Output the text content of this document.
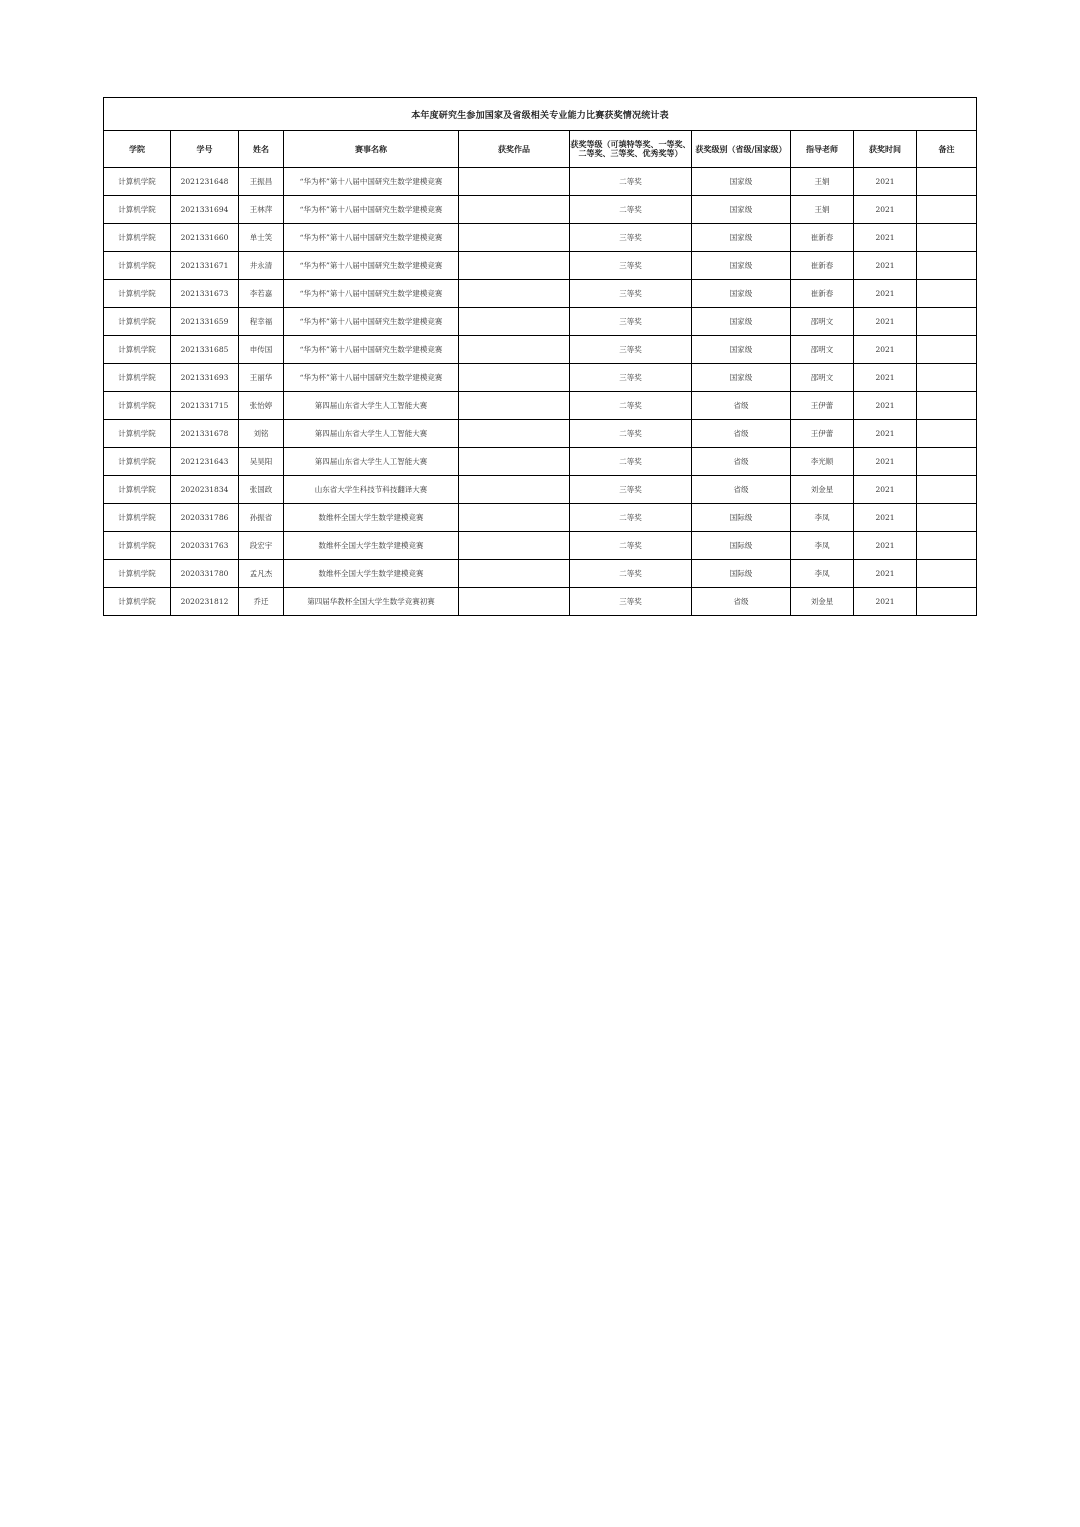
本年度研究生参加国家及省级相关专业能力比赛获奖情况统计表									
学院	学号	姓名	赛事名称	获奖作品	获奖等级（可填特等奖、一等奖、二等奖、三等奖、优秀奖等）	获奖级别（省级/国家级）	指导老师	获奖时间	备注
计算机学院	2021231648	王振昌	“华为杯”第十八届中国研究生数学建模竞赛		二等奖	国家级	王娟	2021	
计算机学院	2021331694	王林萍	“华为杯”第十八届中国研究生数学建模竞赛		二等奖	国家级	王娟	2021	
计算机学院	2021331660	单士笑	“华为杯”第十八届中国研究生数学建模竞赛		三等奖	国家级	崔新春	2021	
计算机学院	2021331671	井永清	“华为杯”第十八届中国研究生数学建模竞赛		三等奖	国家级	崔新春	2021	
计算机学院	2021331673	李若嘉	“华为杯”第十八届中国研究生数学建模竞赛		三等奖	国家级	崔新春	2021	
计算机学院	2021331659	程幸福	“华为杯”第十八届中国研究生数学建模竞赛		三等奖	国家级	邵明文	2021	
计算机学院	2021331685	申传国	“华为杯”第十八届中国研究生数学建模竞赛		三等奖	国家级	邵明文	2021	
计算机学院	2021331693	王丽华	“华为杯”第十八届中国研究生数学建模竞赛		三等奖	国家级	邵明文	2021	
计算机学院	2021331715	张怡婷	第四届山东省大学生人工智能大赛		二等奖	省级	王伊蕾	2021	
计算机学院	2021331678	刘铭	第四届山东省大学生人工智能大赛		二等奖	省级	王伊蕾	2021	
计算机学院	2021231643	吴昊阳	第四届山东省大学生人工智能大赛		二等奖	省级	李光顺	2021	
计算机学院	2020231834	张国政	山东省大学生科技节科技翻译大赛		三等奖	省级	刘金星	2021	
计算机学院	2020331786	孙振省	数维杯全国大学生数学建模竞赛		二等奖	国际级	李凤	2021	
计算机学院	2020331763	段宏宇	数维杯全国大学生数学建模竞赛		二等奖	国际级	李凤	2021	
计算机学院	2020331780	孟凡杰	数维杯全国大学生数学建模竞赛		二等奖	国际级	李凤	2021	
计算机学院	2020231812	乔迁	第四届华教杯全国大学生数学竞赛初赛		三等奖	省级	刘金星	2021	
